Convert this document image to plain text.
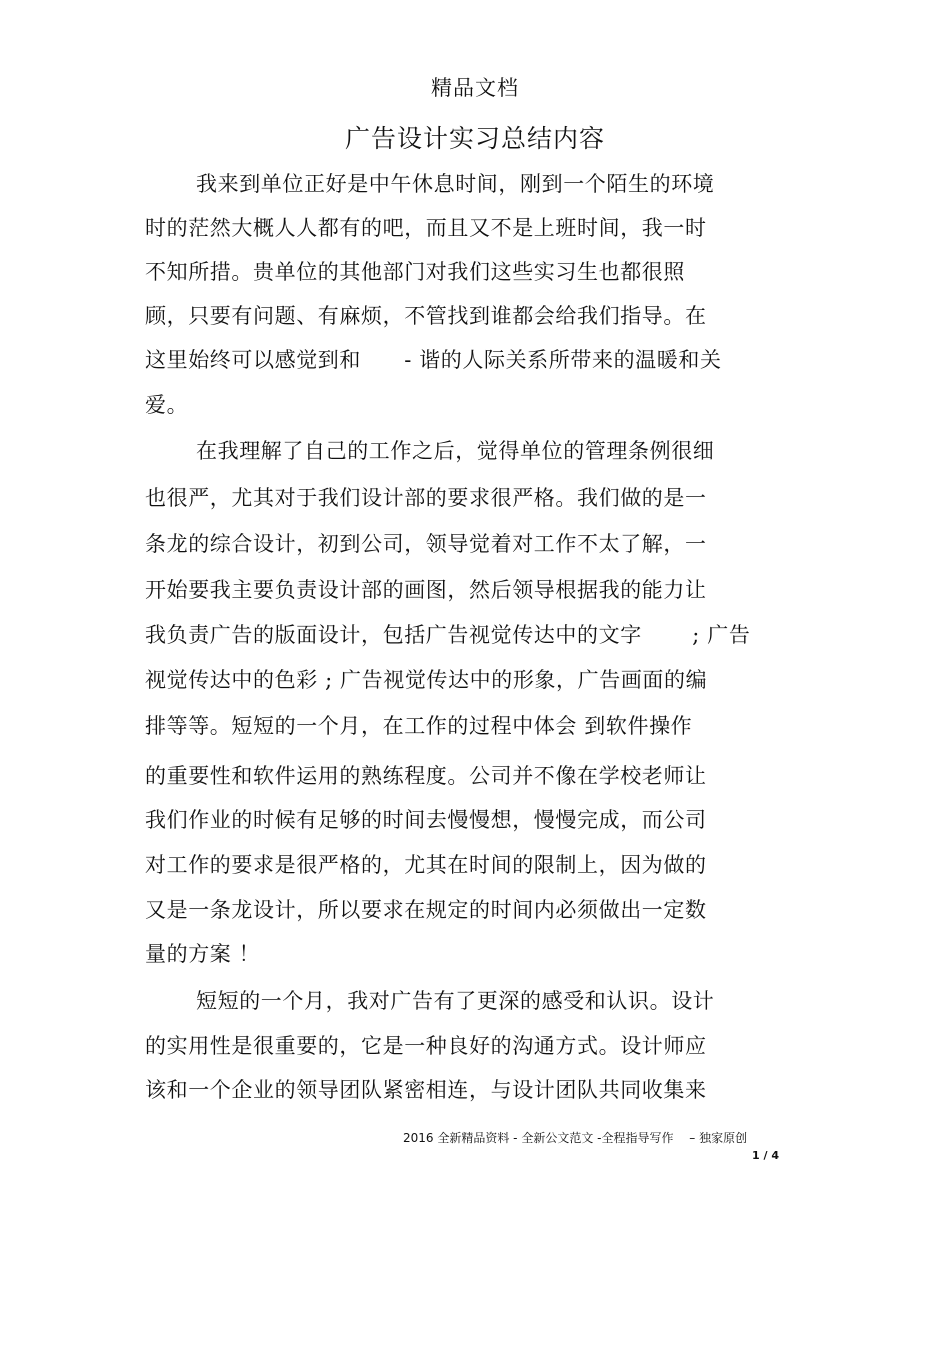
精品文档
广告设计实习总结内容
我来到单位正好是中午休息时间，刚到一个陌生的环境
时的茫然大概人人都有的吧，而且又不是上班时间，我一时
不知所措。贵单位的其他部门对我们这些实习生也都很照
顾，只要有问题、有麻烦，不管找到谁都会给我们指导。在
这里始终可以感觉到和　　- 谐的人际关系所带来的温暖和关
爱。
在我理解了自己的工作之后，觉得单位的管理条例很细
也很严，尤其对于我们设计部的要求很严格。我们做的是一
条龙的综合设计，初到公司，领导觉着对工作不太了解，一
开始要我主要负责设计部的画图，然后领导根据我的能力让
我负责广告的版面设计，包括广告视觉传达中的文字　　 ; 广告
视觉传达中的色彩 ; 广告视觉传达中的形象，广告画面的编
排等等。短短的一个月，在工作的过程中体会 到软件操作
的重要性和软件运用的熟练程度。公司并不像在学校老师让
我们作业的时候有足够的时间去慢慢想，慢慢完成，而公司
对工作的要求是很严格的，尤其在时间的限制上，因为做的
又是一条龙设计，所以要求在规定的时间内必须做出一定数
量的方案 ！
短短的一个月，我对广告有了更深的感受和认识。设计
的实用性是很重要的，它是一种良好的沟通方式。设计师应
该和一个企业的领导团队紧密相连，与设计团队共同收集来
2016 全新精品资料 - 全新公文范文 -全程指导写作　 – 独家原创
1 / 4
